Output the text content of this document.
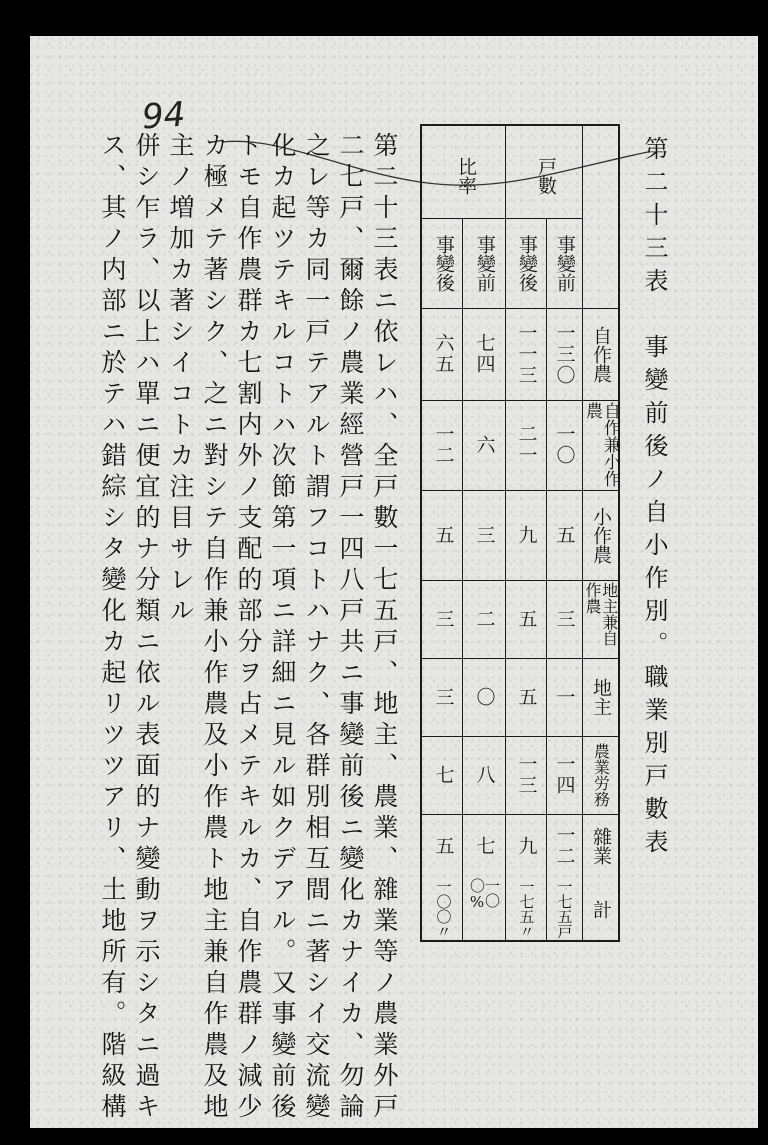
94
第二十三表　事變前後ノ自小作別。職業別戸數表
戸數
比率
事變前
事變後
事變前
事變後
自作農
自作兼小作農
小作農
地主兼自作農
地主
農業労務
雜業
計
一三〇
一一三
七四
六五
一〇
二一
六
一二
五
九
三
五
三
五
二
三
一
五
〇
三
一四
一三
八
七
一二
九
七
五
一七五戸
一七五〃
一〇〇%
一〇〇〃
第二十三表ニ依レハ、全戸數一七五戸、地主、農業、雜業等ノ農業外戸
二七戸、爾餘ノ農業經營戸一四八戸共ニ事變前後ニ變化カナイカ、勿論
之レ等カ同一戸テアルト謂フコトハナク、各群別相互間ニ著シイ交流變
化カ起ツテキルコトハ次節第一項ニ詳細ニ見ル如クデアル。又事變前後
トモ自作農群カ七割内外ノ支配的部分ヲ占メテキルカ、自作農群ノ減少
カ極メテ著シク、之ニ對シテ自作兼小作農及小作農ト地主兼自作農及地
主ノ増加カ著シイコトカ注目サレル
併シ乍ラ、以上ハ單ニ便宜的ナ分類ニ依ル表面的ナ變動ヲ示シタニ過キ
ス、其ノ内部ニ於テハ錯綜シタ變化カ起リツツアリ、土地所有。階級構
